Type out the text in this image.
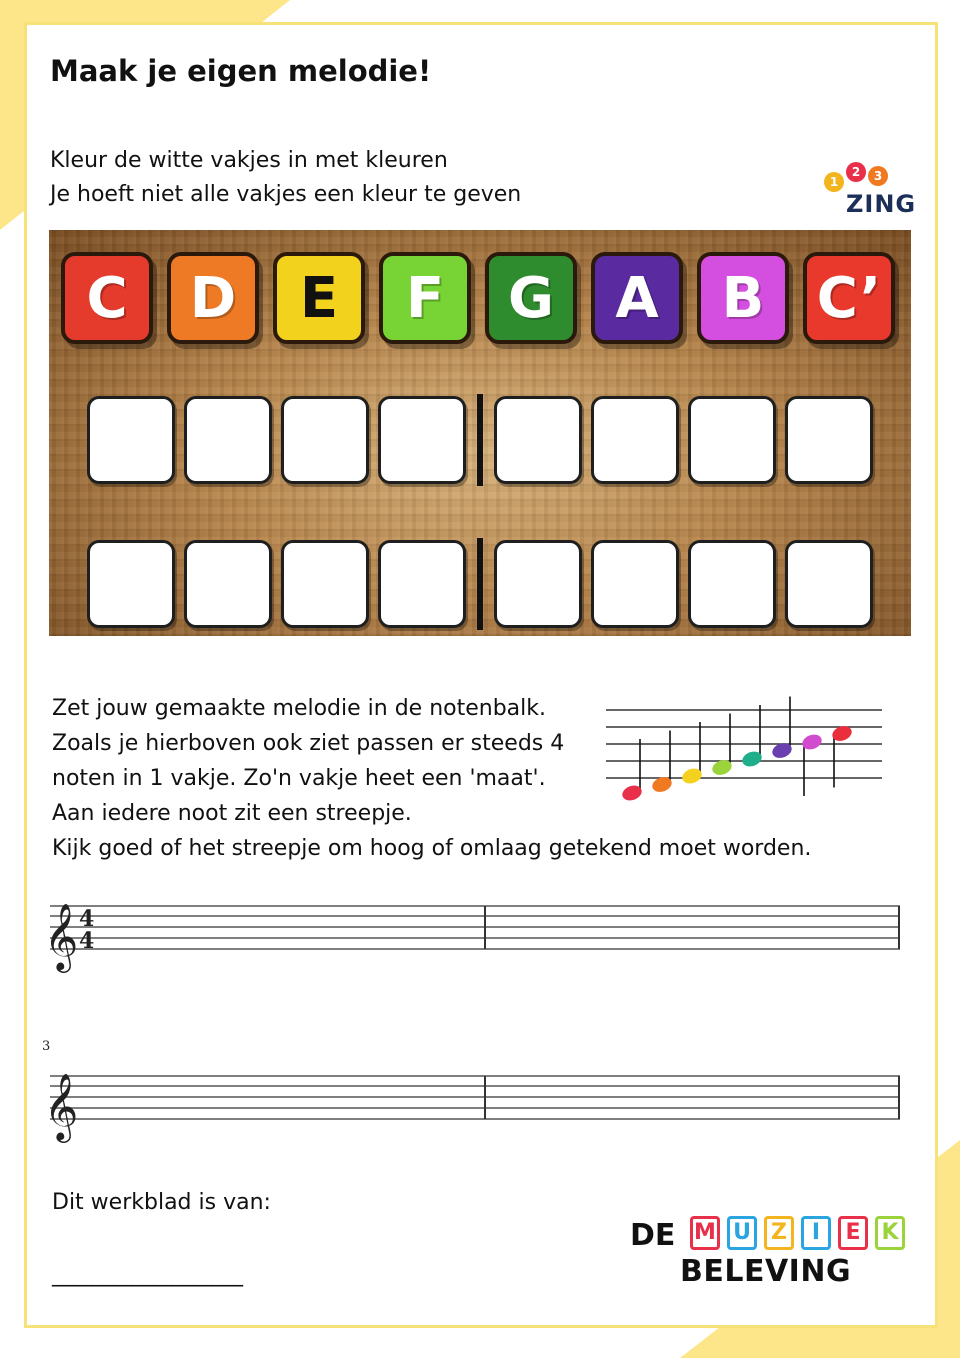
Maak je eigen melodie!
Kleur de witte vakjes in met kleuren
Je hoeft niet alle vakjes een kleur te geven	1
2	3
ZING
C D E F G A B C’
Zet jouw gemaakte melodie in de notenbalk.
Zoals je hierboven ook ziet passen er steeds 4
noten in 1 vakje. Zo'n vakje heet een 'maat'.
Aan iedere noot zit een streepje.
Kijk goed of het streepje om hoog of omlaag getekend moet worden.
𝄞 4
4
3
𝄞
Dit werkblad is van:
___________________
DE M U Z	I	E K
BELEVING
